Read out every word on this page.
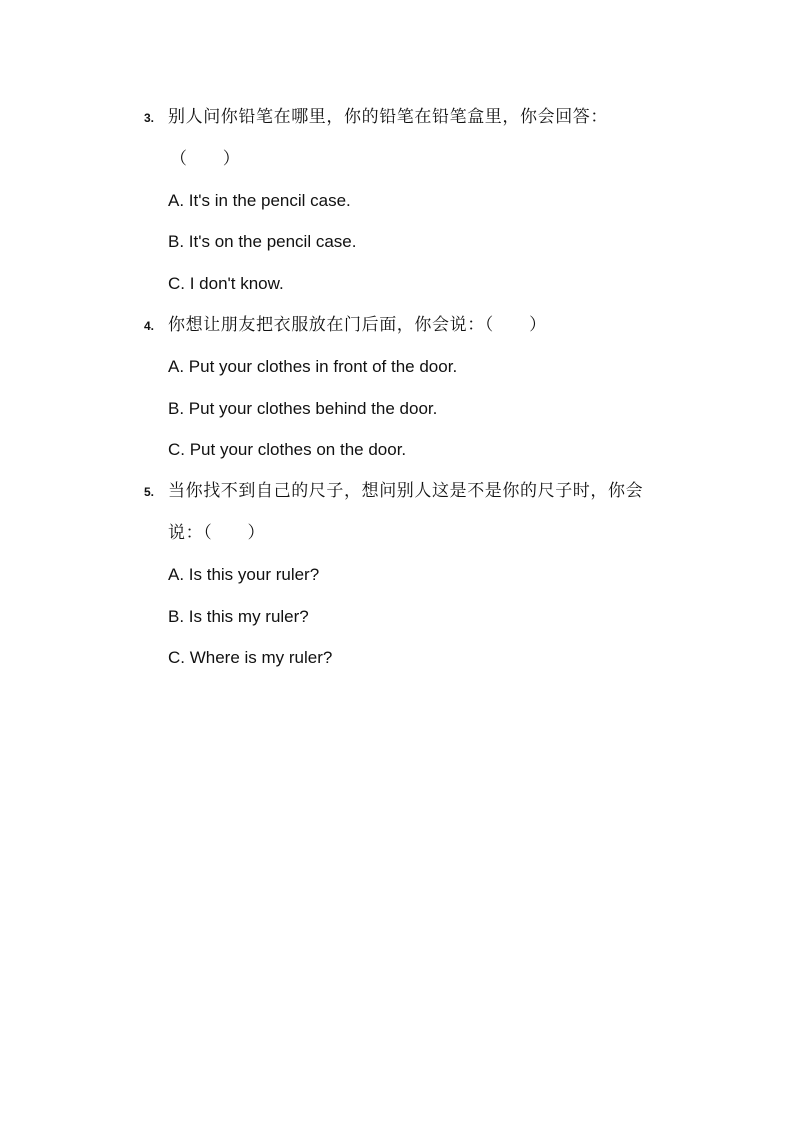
3. 别人问你铅笔在哪里，你的铅笔在铅笔盒里，你会回答：
（　　）
A. It's in the pencil case.
B. It's on the pencil case.
C. I don't know.
4. 你想让朋友把衣服放在门后面，你会说：（　　）
A. Put your clothes in front of the door.
B. Put your clothes behind the door.
C. Put your clothes on the door.
5. 当你找不到自己的尺子，想问别人这是不是你的尺子时，你会
说：（　　）
A. Is this your ruler?
B. Is this my ruler?
C. Where is my ruler?
